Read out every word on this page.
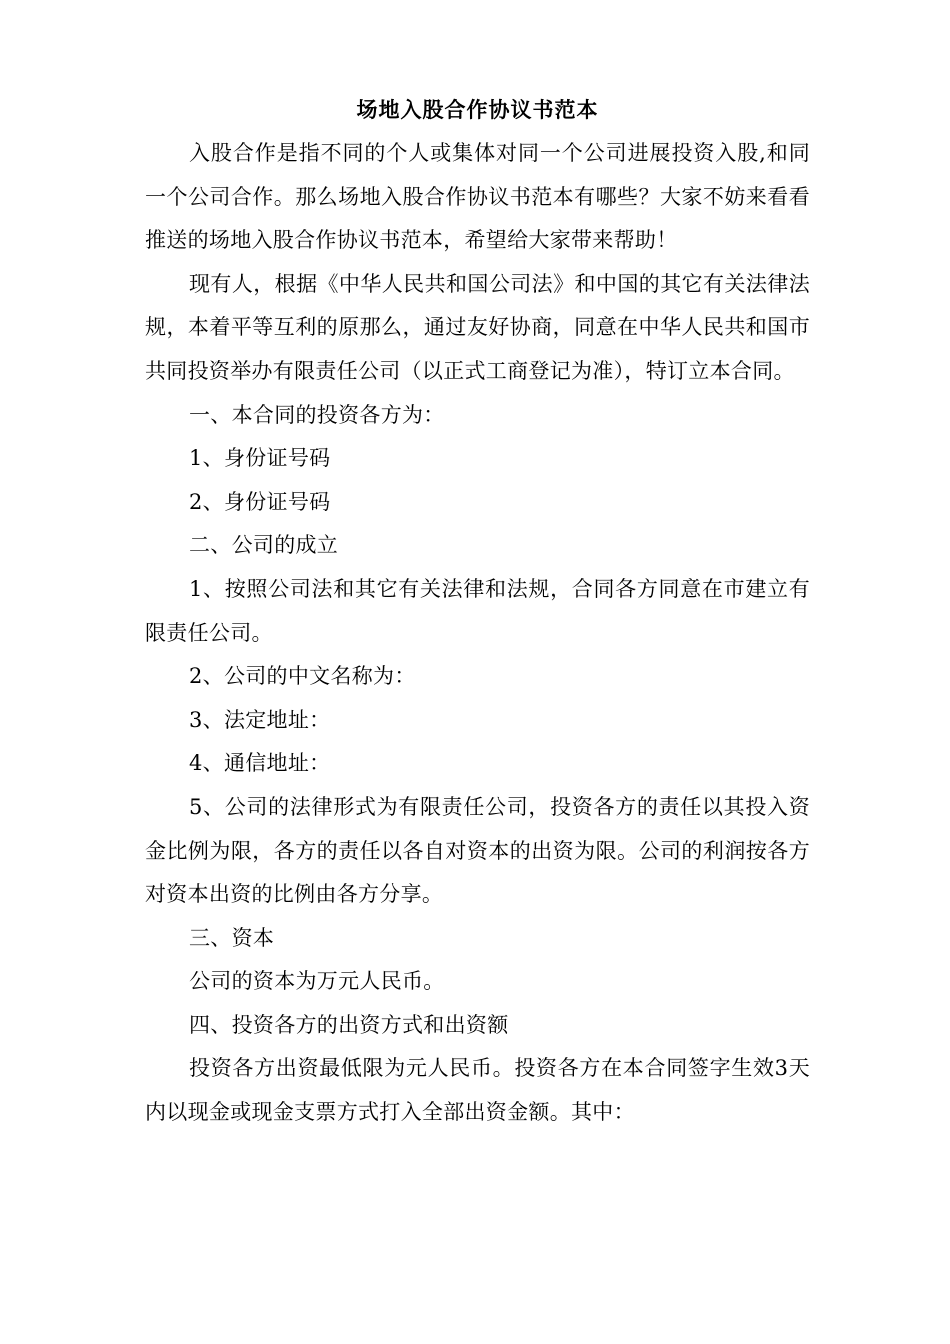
场地入股合作协议书范本

入股合作是指不同的个人或集体对同一个公司进展投资入股,和同一个公司合作。那么场地入股合作协议书范本有哪些？大家不妨来看看推送的场地入股合作协议书范本，希望给大家带来帮助！

现有人，根据《中华人民共和国公司法》和中国的其它有关法律法规，本着平等互利的原那么，通过友好协商，同意在中华人民共和国市共同投资举办有限责任公司（以正式工商登记为准），特订立本合同。

一、本合同的投资各方为：

1、身份证号码

2、身份证号码

二、公司的成立

1、按照公司法和其它有关法律和法规，合同各方同意在市建立有限责任公司。

2、公司的中文名称为：

3、法定地址：

4、通信地址：

5、公司的法律形式为有限责任公司，投资各方的责任以其投入资金比例为限，各方的责任以各自对资本的出资为限。公司的利润按各方对资本出资的比例由各方分享。

三、资本

公司的资本为万元人民币。

四、投资各方的出资方式和出资额

投资各方出资最低限为元人民币。投资各方在本合同签字生效3天内以现金或现金支票方式打入全部出资金额。其中：
